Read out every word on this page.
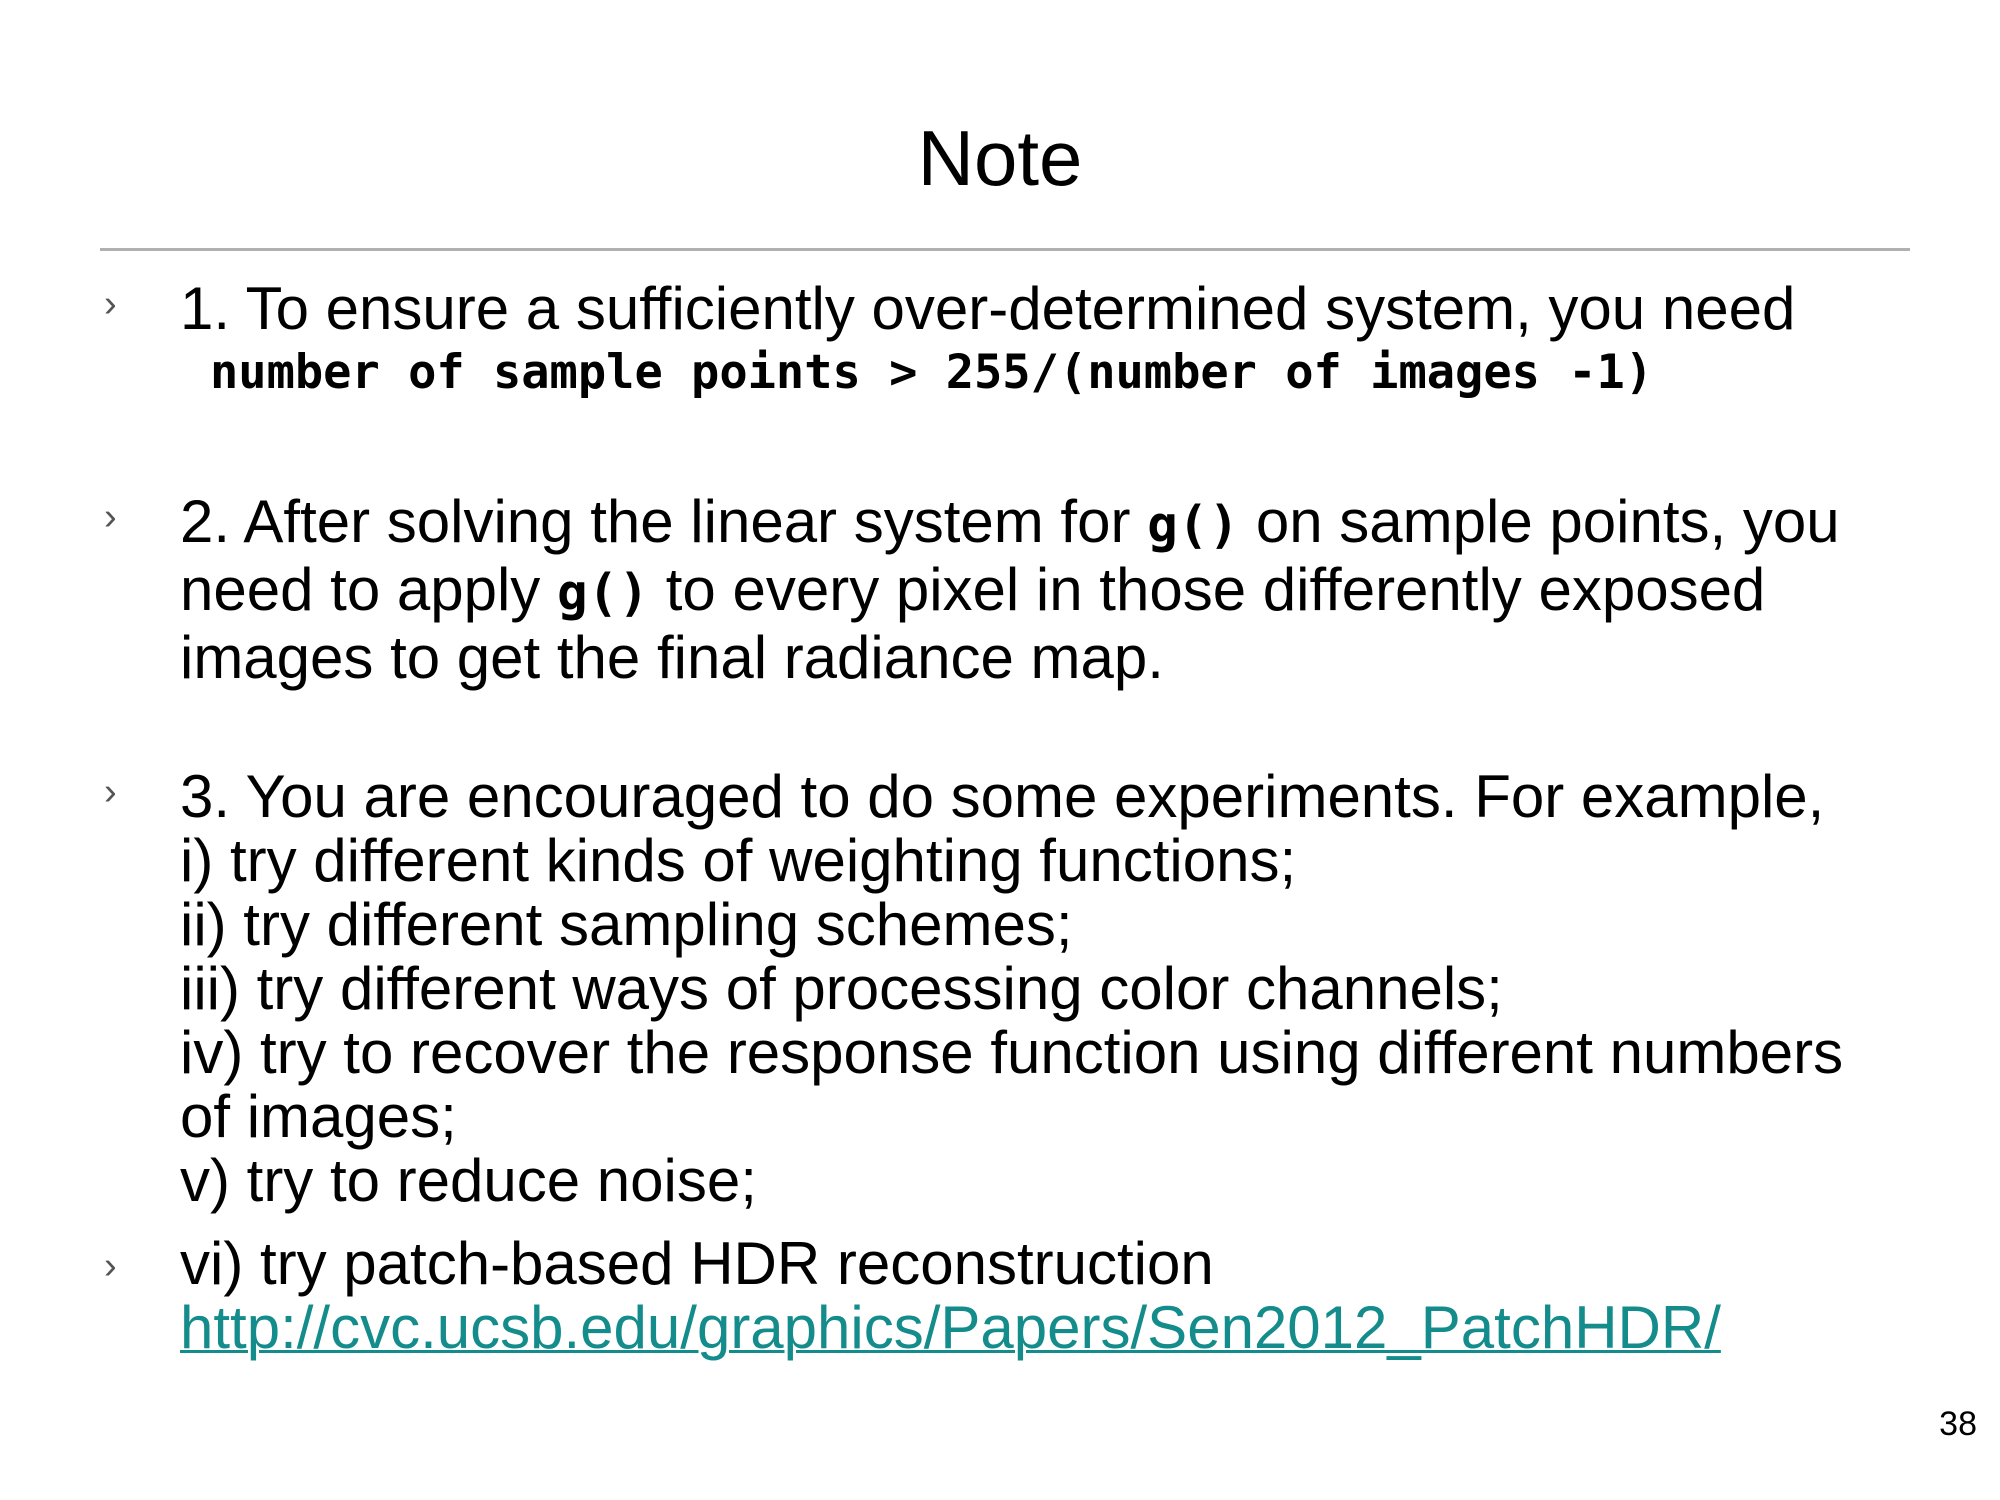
Note
› 1. To ensure a sufficiently over-determined system, you need
number of sample points > 255/(number of images -1)
› 2. After solving the linear system for g() on sample points, you
need to apply g() to every pixel in those differently exposed
images to get the final radiance map.
› 3. You are encouraged to do some experiments. For example,
i) try different kinds of weighting functions;
ii) try different sampling schemes;
iii) try different ways of processing color channels;
iv) try to recover the response function using different numbers
of images;
v) try to reduce noise;
› vi) try patch-based HDR reconstruction
http://cvc.ucsb.edu/graphics/Papers/Sen2012_PatchHDR/
38
